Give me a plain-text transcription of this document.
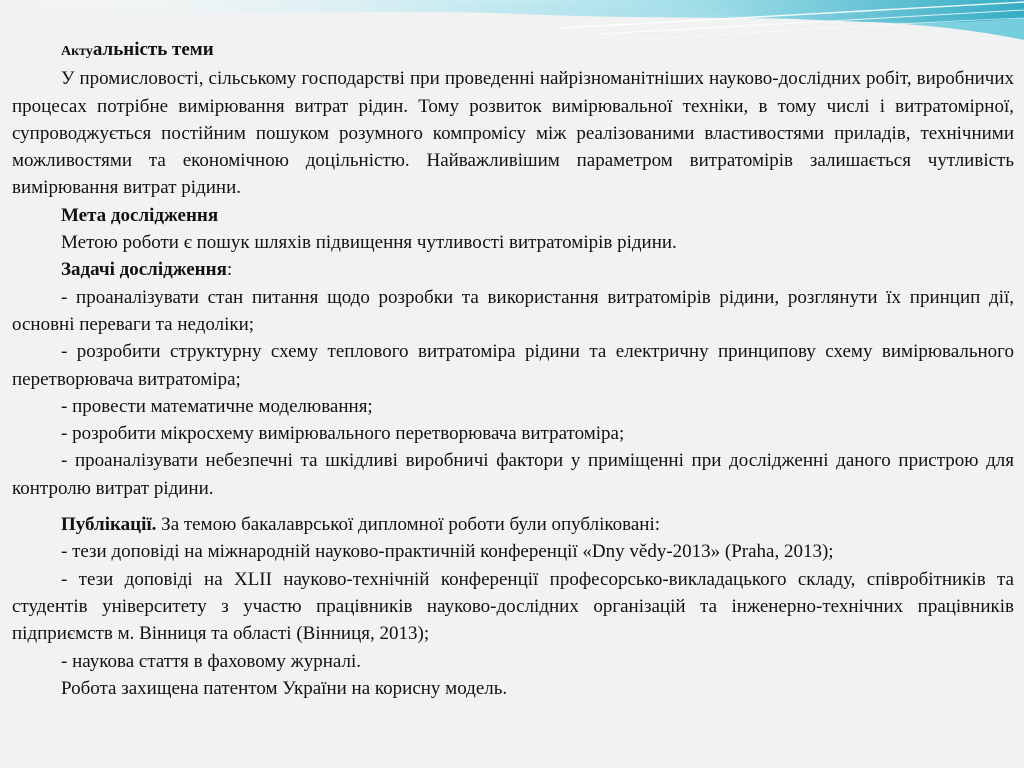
Актуальність теми

У промисловості, сільському господарстві при проведенні найрізноманітніших науково-дослідних робіт, виробничих процесах потрібне вимірювання витрат рідин. Тому розвиток вимірювальної техніки, в тому числі і витратомірної, супроводжується постійним пошуком розумного компромісу між реалізованими властивостями приладів, технічними можливостями та економічною доцільністю. Найважливішим параметром витратомірів залишається чутливість вимірювання витрат рідини.

Мета дослідження

Метою роботи є пошук шляхів підвищення чутливості витратомірів рідини.

Задачі дослідження:

- проаналізувати стан питання щодо розробки та використання витратомірів рідини, розглянути їх принцип дії, основні переваги та недоліки;

- розробити структурну схему теплового витратоміра рідини та електричну принципову схему вимірювального перетворювача витратоміра;

- провести математичне моделювання;

- розробити мікросхему вимірювального перетворювача витратоміра;

- проаналізувати небезпечні та шкідливі виробничі фактори у приміщенні при дослідженні даного пристрою для контролю витрат рідини.

Публікації. За темою бакалаврської дипломної роботи були опубліковані:

- тези доповіді на міжнародній науково-практичній конференції «Dny vědy-2013» (Praha, 2013);

- тези доповіді на XLII науково-технічній конференції професорсько-викладацького складу, співробітників та студентів університету з участю працівників науково-дослідних організацій та інженерно-технічних працівників підприємств м. Вінниця та області (Вінниця, 2013);

- наукова стаття в фаховому журналі.

Робота захищена патентом України на корисну модель.
